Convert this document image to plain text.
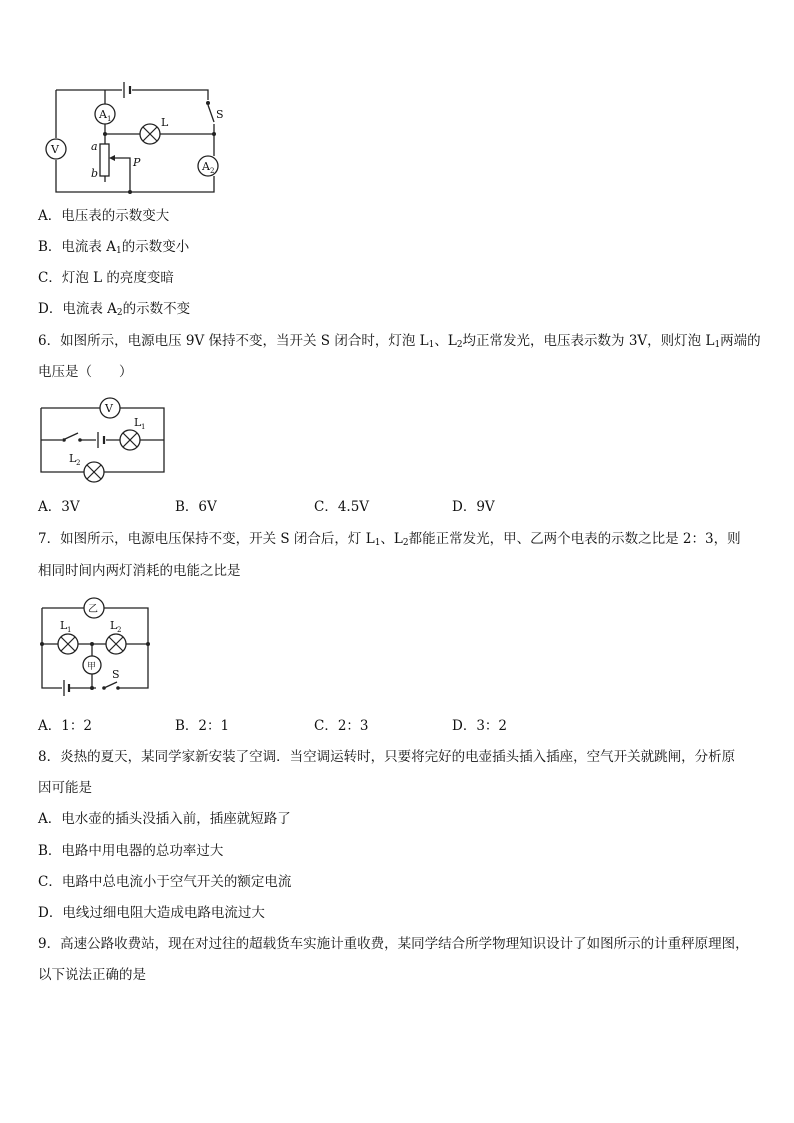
V
A 1
A 2
L
S
a
b
P
A．电压表的示数变大
B．电流表 $A_1$的示数变小
C．灯泡 L 的亮度变暗
D．电流表 $A_2$的示数不变
6．如图所示，电源电压 9V 保持不变，当开关 S 闭合时，灯泡 $L_1$、$L_2$均正常发光，电压表示数为 3V，则灯泡 $L_1$两端的
电压是（　　）
V
L 1
L 2
A．3V	B．6V	C．4.5V	D．9V
7．如图所示，电源电压保持不变，开关 S 闭合后，灯 $L_1$、$L_2$都能正常发光，甲、乙两个电表的示数之比是 2：3，则
相同时间内两灯消耗的电能之比是
乙
L 1	L 2
甲
S
A．1：2	B．2：1	C．2：3	D．3：2
8．炎热的夏天，某同学家新安装了空调．当空调运转时，只要将完好的电壶插头插入插座，空气开关就跳闸，分析原
因可能是
A．电水壶的插头没插入前，插座就短路了
B．电路中用电器的总功率过大
C．电路中总电流小于空气开关的额定电流
D．电线过细电阻大造成电路电流过大
9．高速公路收费站，现在对过往的超载货车实施计重收费，某同学结合所学物理知识设计了如图所示的计重秤原理图，
以下说法正确的是
